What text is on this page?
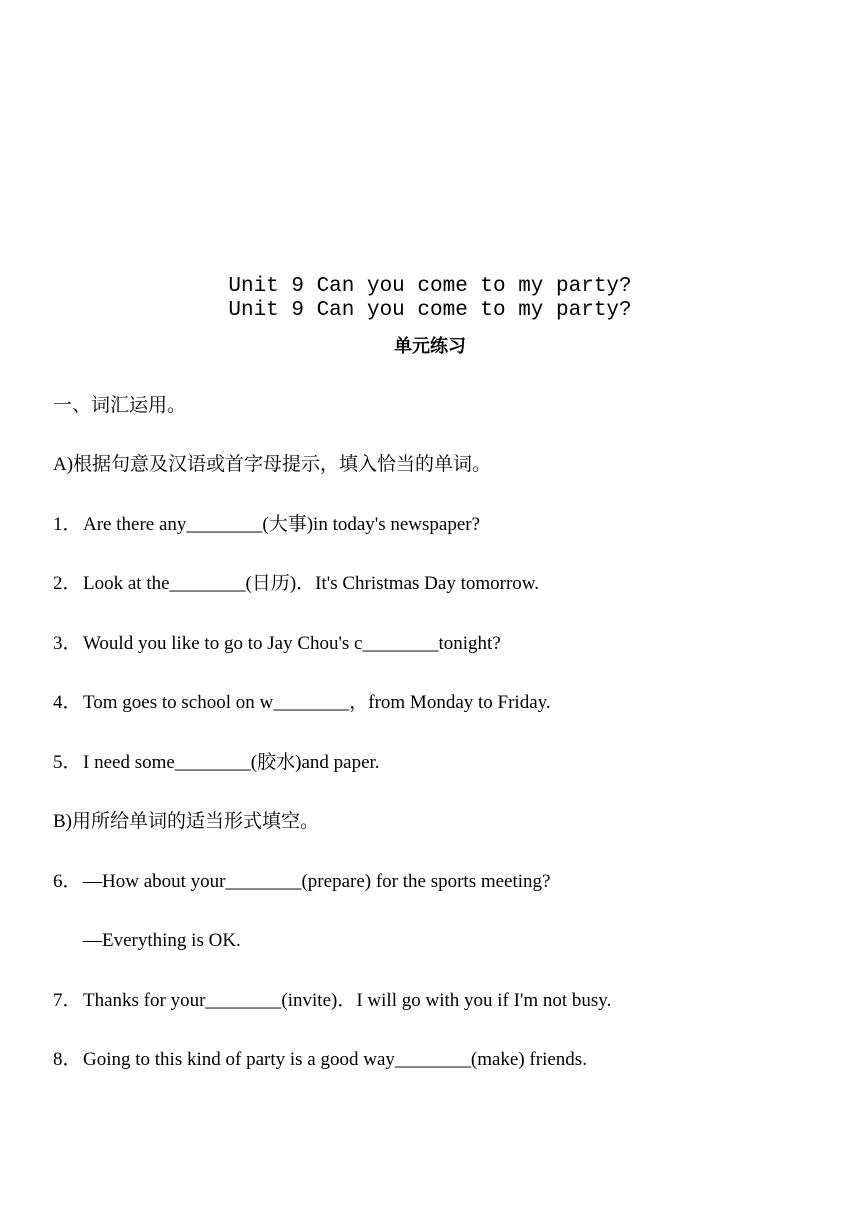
Unit 9 Can you come to my party?
Unit 9 Can you come to my party?
单元练习
一、词汇运用。
A)根据句意及汉语或首字母提示，填入恰当的单词。
1．Are there any________(大事)in today's newspaper?
2．Look at the________(日历)．It's Christmas Day tomorrow.
3．Would you like to go to Jay Chou's c________tonight?
4．Tom goes to school on w________，from Monday to Friday.
5．I need some________(胶水)and paper.
B)用所给单词的适当形式填空。
6．—How about your________(prepare) for the sports meeting?
—Everything is OK.
7．Thanks for your________(invite)．I will go with you if I'm not busy.
8．Going to this kind of party is a good way________(make) friends.
